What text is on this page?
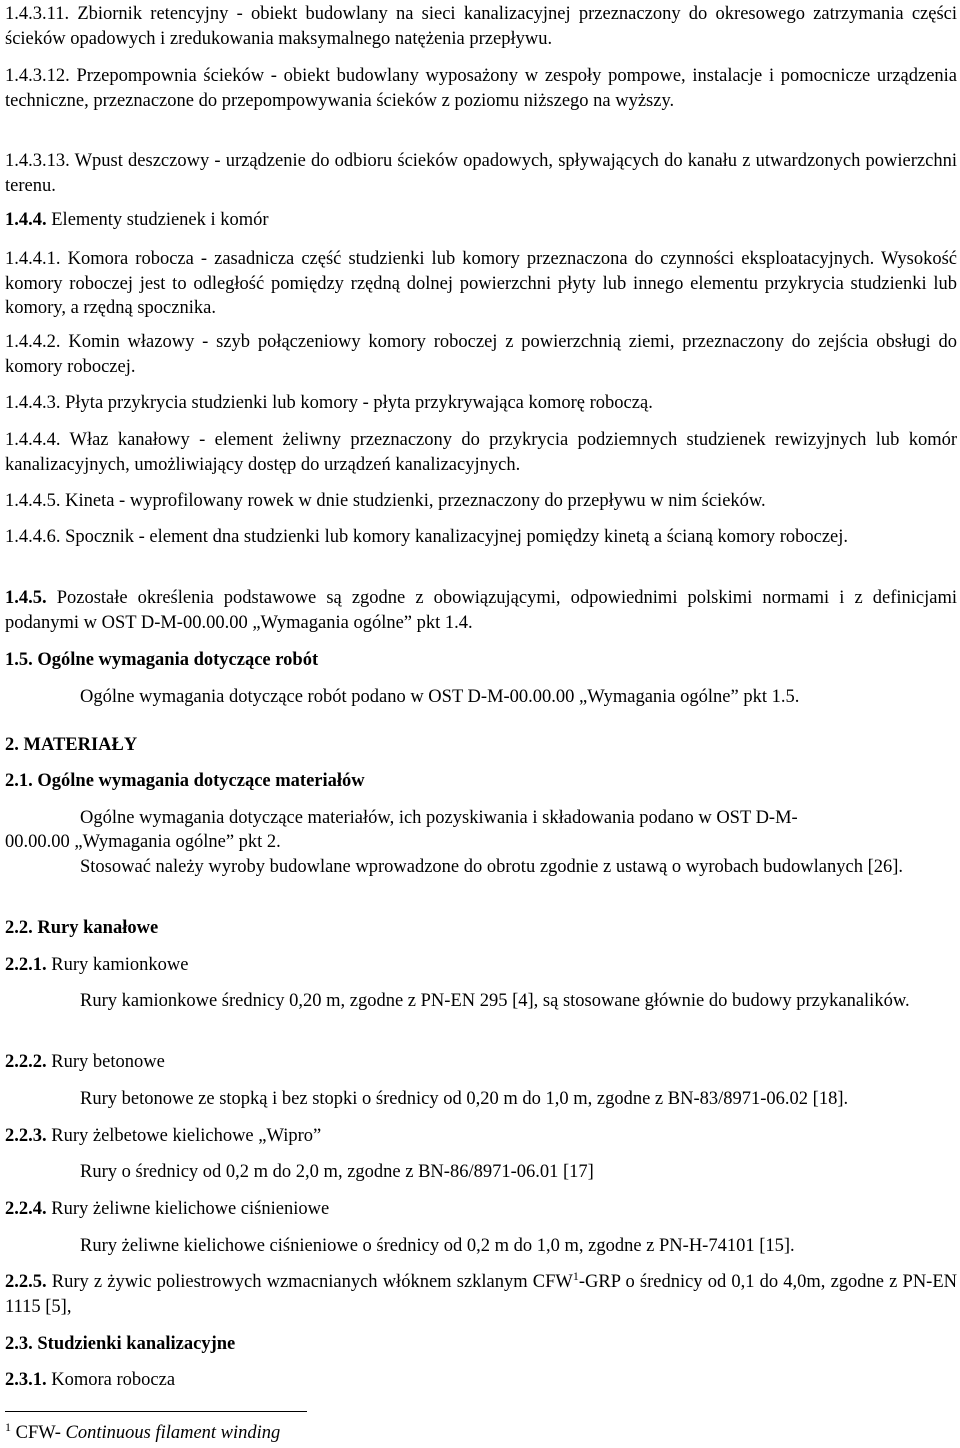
1.4.3.11. Zbiornik retencyjny - obiekt budowlany na sieci kanalizacyjnej przeznaczony do okresowego zatrzymania części ścieków opadowych i zredukowania maksymalnego natężenia przepływu.
1.4.3.12. Przepompownia ścieków - obiekt budowlany wyposażony w zespoły pompowe, instalacje i pomocnicze urządzenia techniczne, przeznaczone do przepompowywania ścieków z poziomu niższego na wyższy.
1.4.3.13. Wpust deszczowy - urządzenie do odbioru ścieków opadowych, spływających do kanału z utwardzonych powierzchni terenu.
1.4.4. Elementy studzienek i komór
1.4.4.1. Komora robocza - zasadnicza część studzienki lub komory przeznaczona do czynności eksploatacyjnych. Wysokość komory roboczej jest to odległość pomiędzy rzędną dolnej powierzchni płyty lub innego elementu przykrycia studzienki lub komory, a rzędną spocznika.
1.4.4.2. Komin włazowy - szyb połączeniowy komory roboczej z powierzchnią ziemi, przeznaczony do zejścia obsługi do komory roboczej.
1.4.4.3. Płyta przykrycia studzienki lub komory - płyta przykrywająca komorę roboczą.
1.4.4.4. Właz kanałowy - element żeliwny przeznaczony do przykrycia podziemnych studzienek rewizyjnych lub komór kanalizacyjnych, umożliwiający dostęp do urządzeń kanalizacyjnych.
1.4.4.5. Kineta - wyprofilowany rowek w dnie studzienki, przeznaczony do przepływu w nim ścieków.
1.4.4.6. Spocznik - element dna studzienki lub komory kanalizacyjnej pomiędzy kinetą a ścianą komory roboczej.
1.4.5. Pozostałe określenia podstawowe są zgodne z obowiązującymi, odpowiednimi polskimi normami i z definicjami podanymi w OST D-M-00.00.00 „Wymagania ogólne” pkt 1.4.
1.5. Ogólne wymagania dotyczące robót
Ogólne wymagania dotyczące robót podano w OST D-M-00.00.00 „Wymagania ogólne” pkt 1.5.
2. MATERIAŁY
2.1. Ogólne wymagania dotyczące materiałów
Ogólne wymagania dotyczące materiałów, ich pozyskiwania i składowania podano w OST D-M-
00.00.00 „Wymagania ogólne” pkt 2.
Stosować należy wyroby budowlane wprowadzone do obrotu zgodnie z ustawą o wyrobach budowlanych [26].
2.2. Rury kanałowe
2.2.1. Rury kamionkowe
Rury kamionkowe średnicy 0,20 m, zgodne z PN-EN 295 [4], są stosowane głównie do budowy przykanalików.
2.2.2. Rury betonowe
Rury betonowe ze stopką i bez stopki o średnicy od 0,20 m do 1,0 m, zgodne z BN-83/8971-06.02 [18].
2.2.3. Rury żelbetowe kielichowe „Wipro”
Rury o średnicy od 0,2 m do 2,0 m, zgodne z BN-86/8971-06.01 [17]
2.2.4. Rury żeliwne kielichowe ciśnieniowe
Rury żeliwne kielichowe ciśnieniowe o średnicy od 0,2 m do 1,0 m, zgodne z PN-H-74101 [15].
2.2.5. Rury z żywic poliestrowych wzmacnianych włóknem szklanym CFW$^1$-GRP o średnicy od 0,1 do 4,0m, zgodne z PN-EN 1115 [5],
2.3. Studzienki kanalizacyjne
2.3.1. Komora robocza
$^1$ CFW- Continuous filament winding
